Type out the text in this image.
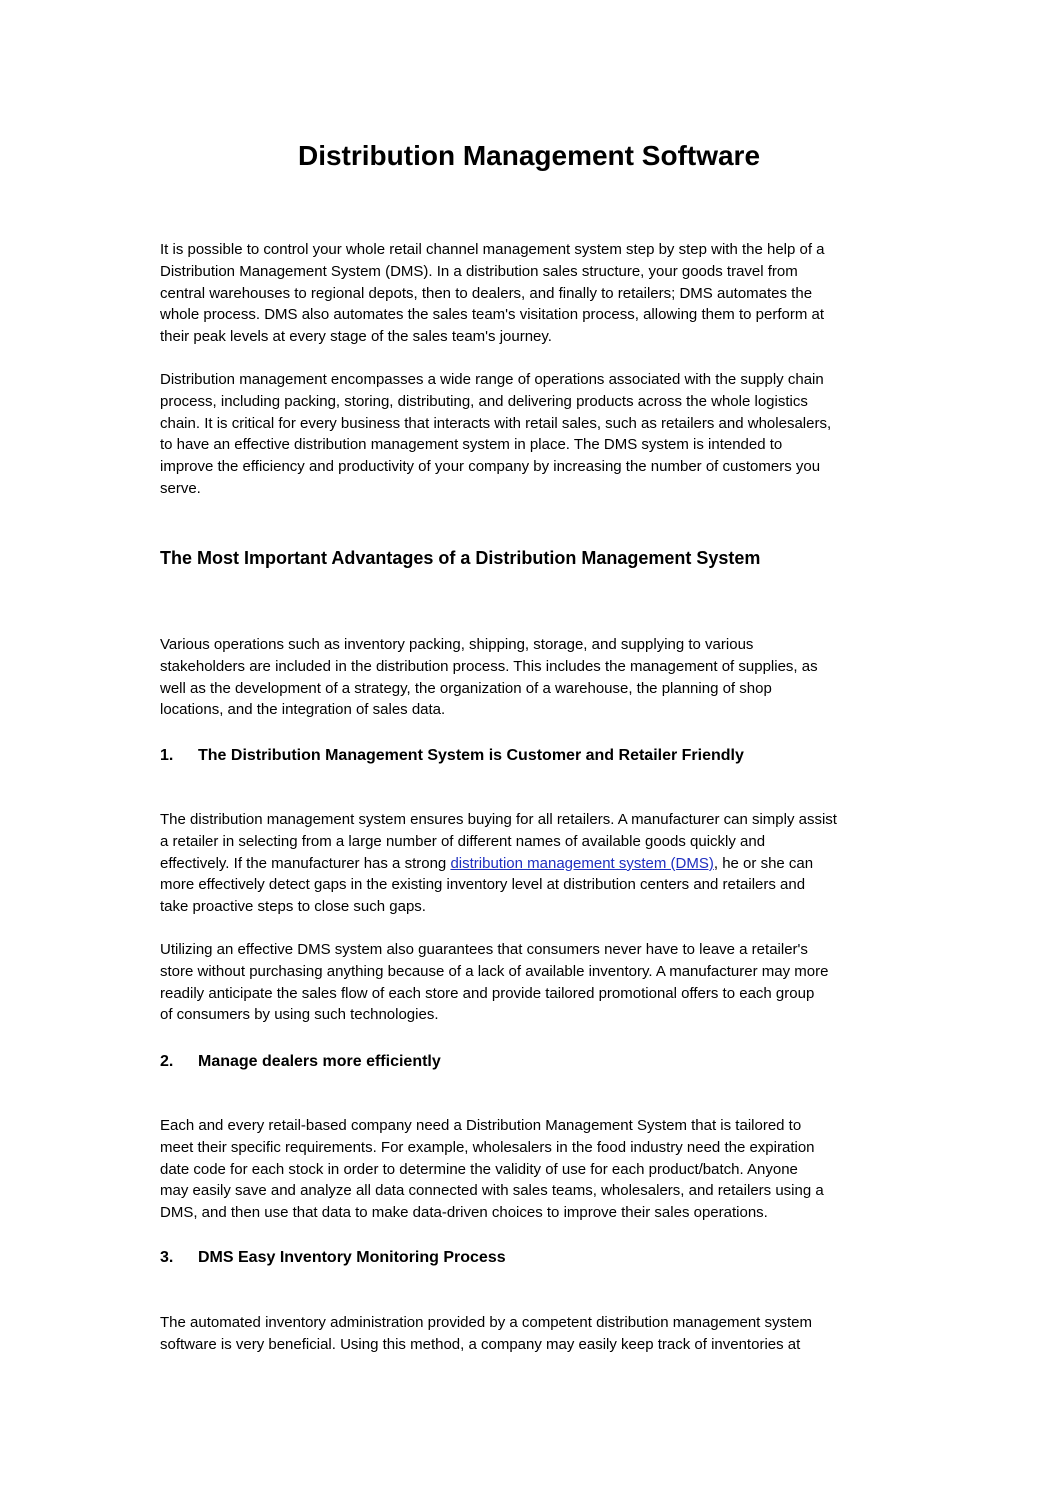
Distribution Management Software

It is possible to control your whole retail channel management system step by step with the help of a
Distribution Management System (DMS). In a distribution sales structure, your goods travel from
central warehouses to regional depots, then to dealers, and finally to retailers; DMS automates the
whole process. DMS also automates the sales team's visitation process, allowing them to perform at
their peak levels at every stage of the sales team's journey.

Distribution management encompasses a wide range of operations associated with the supply chain
process, including packing, storing, distributing, and delivering products across the whole logistics
chain. It is critical for every business that interacts with retail sales, such as retailers and wholesalers,
to have an effective distribution management system in place. The DMS system is intended to
improve the efficiency and productivity of your company by increasing the number of customers you
serve.

The Most Important Advantages of a Distribution Management System

Various operations such as inventory packing, shipping, storage, and supplying to various
stakeholders are included in the distribution process. This includes the management of supplies, as
well as the development of a strategy, the organization of a warehouse, the planning of shop
locations, and the integration of sales data.

1. The Distribution Management System is Customer and Retailer Friendly

The distribution management system ensures buying for all retailers. A manufacturer can simply assist
a retailer in selecting from a large number of different names of available goods quickly and
effectively. If the manufacturer has a strong distribution management system (DMS), he or she can
more effectively detect gaps in the existing inventory level at distribution centers and retailers and
take proactive steps to close such gaps.

Utilizing an effective DMS system also guarantees that consumers never have to leave a retailer's
store without purchasing anything because of a lack of available inventory. A manufacturer may more
readily anticipate the sales flow of each store and provide tailored promotional offers to each group
of consumers by using such technologies.

2. Manage dealers more efficiently

Each and every retail-based company need a Distribution Management System that is tailored to
meet their specific requirements. For example, wholesalers in the food industry need the expiration
date code for each stock in order to determine the validity of use for each product/batch. Anyone
may easily save and analyze all data connected with sales teams, wholesalers, and retailers using a
DMS, and then use that data to make data-driven choices to improve their sales operations.

3. DMS Easy Inventory Monitoring Process

The automated inventory administration provided by a competent distribution management system
software is very beneficial. Using this method, a company may easily keep track of inventories at
